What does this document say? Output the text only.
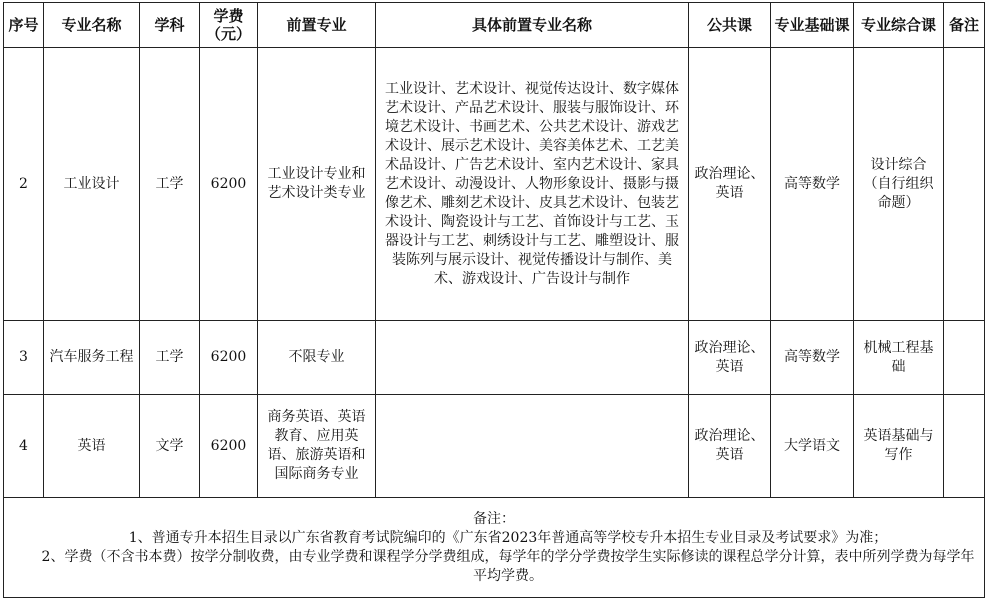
序号	专业名称	学科	学费（元）	前置专业	具体前置专业名称	公共课	专业基础课	专业综合课	备注
2	工业设计	工学	6200	工业设计专业和艺术设计类专业	工业设计、艺术设计、视觉传达设计、数字媒体艺术设计、产品艺术设计、服装与服饰设计、环境艺术设计、书画艺术、公共艺术设计、游戏艺术设计、展示艺术设计、美容美体艺术、工艺美术品设计、广告艺术设计、室内艺术设计、家具艺术设计、动漫设计、人物形象设计、摄影与摄像艺术、雕刻艺术设计、皮具艺术设计、包装艺术设计、陶瓷设计与工艺、首饰设计与工艺、玉器设计与工艺、刺绣设计与工艺、雕塑设计、服装陈列与展示设计、视觉传播设计与制作、美术、游戏设计、广告设计与制作	政治理论、英语	高等数学	设计综合（自行组织命题）	
3	汽车服务工程	工学	6200	不限专业		政治理论、英语	高等数学	机械工程基础	
4	英语	文学	6200	商务英语、英语教育、应用英语、旅游英语和国际商务专业		政治理论、英语	大学语文	英语基础与写作	

备注：
1、普通专升本招生目录以广东省教育考试院编印的《广东省2023年普通高等学校专升本招生专业目录及考试要求》为准；
2、学费（不含书本费）按学分制收费，由专业学费和课程学分学费组成，每学年的学分学费按学生实际修读的课程总学分计算，表中所列学费为每学年平均学费。									
